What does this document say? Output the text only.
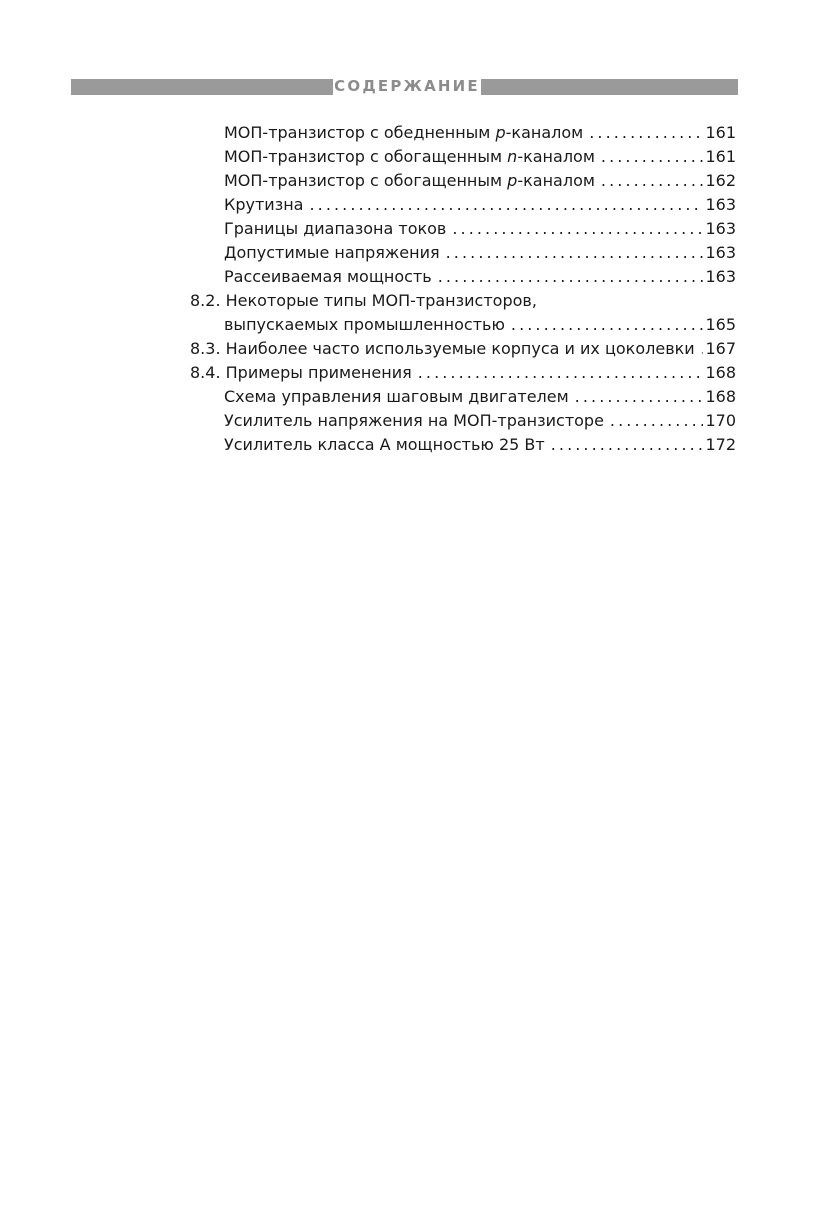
СОДЕРЖАНИЕ
МОП-транзистор с обедненным p-каналом . . .	161
МОП-транзистор с обогащенным n-каналом . . .	161
МОП-транзистор с обогащенным p-каналом . . .	162
Крутизна . . .	163
Границы диапазона токов . . .	163
Допустимые напряжения . . .	163
Рассеиваемая мощность . . .	163
8.2. Некоторые типы МОП-транзисторов,
выпускаемых промышленностью . . .	165
8.3. Наиболее часто используемые корпуса и их цоколевки . . . 167
8.4. Примеры применения . . .	168
Схема управления шаговым двигателем . . .	168
Усилитель напряжения на МОП-транзисторе . . .	170
Усилитель класса А мощностью 25 Вт . . .	172
